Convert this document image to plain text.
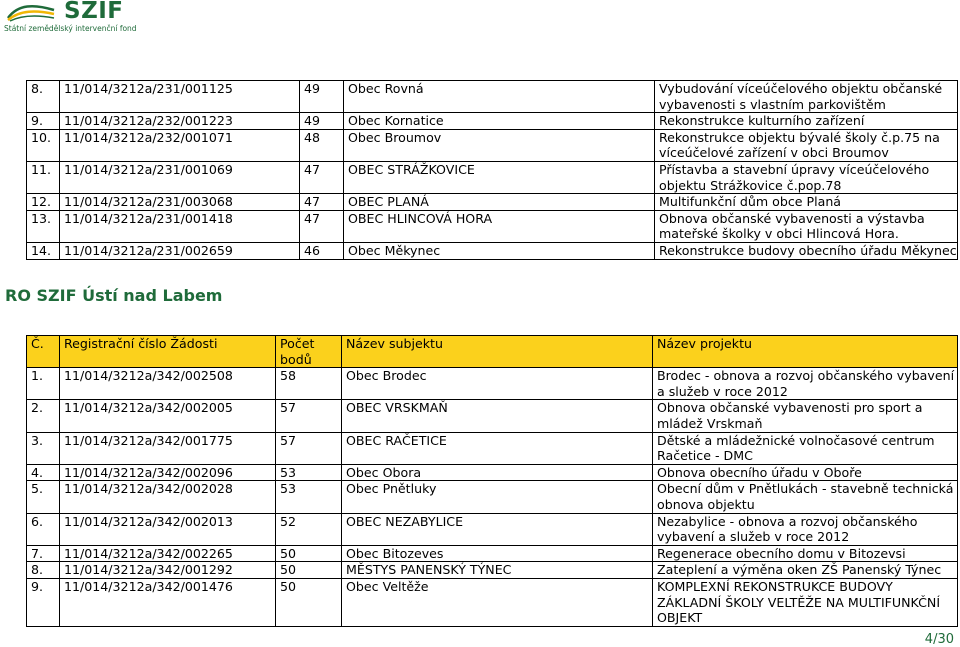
SZIF
Státní zemědělský intervenční fond
8.	11/014/3212a/231/001125	49	Obec Rovná	Vybudování víceúčelového objektu občanské vybavenosti s vlastním parkovištěm
9.	11/014/3212a/232/001223	49	Obec Kornatice	Rekonstrukce kulturního zařízení
10.	11/014/3212a/232/001071	48	Obec Broumov	Rekonstrukce objektu bývalé školy č.p.75 na víceúčelové zařízení v obci Broumov
11.	11/014/3212a/231/001069	47	OBEC STRÁŽKOVICE	Přístavba a stavební úpravy víceúčelového objektu Strážkovice č.pop.78
12.	11/014/3212a/231/003068	47	OBEC PLANÁ	Multifunkční dům obce Planá
13.	11/014/3212a/231/001418	47	OBEC HLINCOVÁ HORA	Obnova občanské vybavenosti a výstavba mateřské školky v obci Hlincová Hora.
14.	11/014/3212a/231/002659	46	Obec Měkynec	Rekonstrukce budovy obecního úřadu Měkynec
RO SZIF Ústí nad Labem
Č.	Registrační číslo Žádosti	Počet bodů	Název subjektu	Název projektu
1.	11/014/3212a/342/002508	58	Obec Brodec	Brodec - obnova a rozvoj občanského vybavení a služeb v roce 2012
2.	11/014/3212a/342/002005	57	OBEC VRSKMAŇ	Obnova občanské vybavenosti pro sport a mládež Vrskmaň
3.	11/014/3212a/342/001775	57	OBEC RAČETICE	Dětské a mládežnické volnočasové centrum Račetice - DMC
4.	11/014/3212a/342/002096	53	Obec Obora	Obnova obecního úřadu v Oboře
5.	11/014/3212a/342/002028	53	Obec Pnětluky	Obecní dům v Pnětlukách - stavebně technická obnova objektu
6.	11/014/3212a/342/002013	52	OBEC NEZABYLICE	Nezabylice - obnova a rozvoj občanského vybavení a služeb v roce 2012
7.	11/014/3212a/342/002265	50	Obec Bitozeves	Regenerace obecního domu v Bitozevsi
8.	11/014/3212a/342/001292	50	MĚSTYS PANENSKÝ TÝNEC	Zateplení a výměna oken ZŠ Panenský Týnec
9.	11/014/3212a/342/001476	50	Obec Veltěže	KOMPLEXNÍ REKONSTRUKCE BUDOVY ZÁKLADNÍ ŠKOLY VELTĚŽE NA MULTIFUNKČNÍ OBJEKT
4/30
